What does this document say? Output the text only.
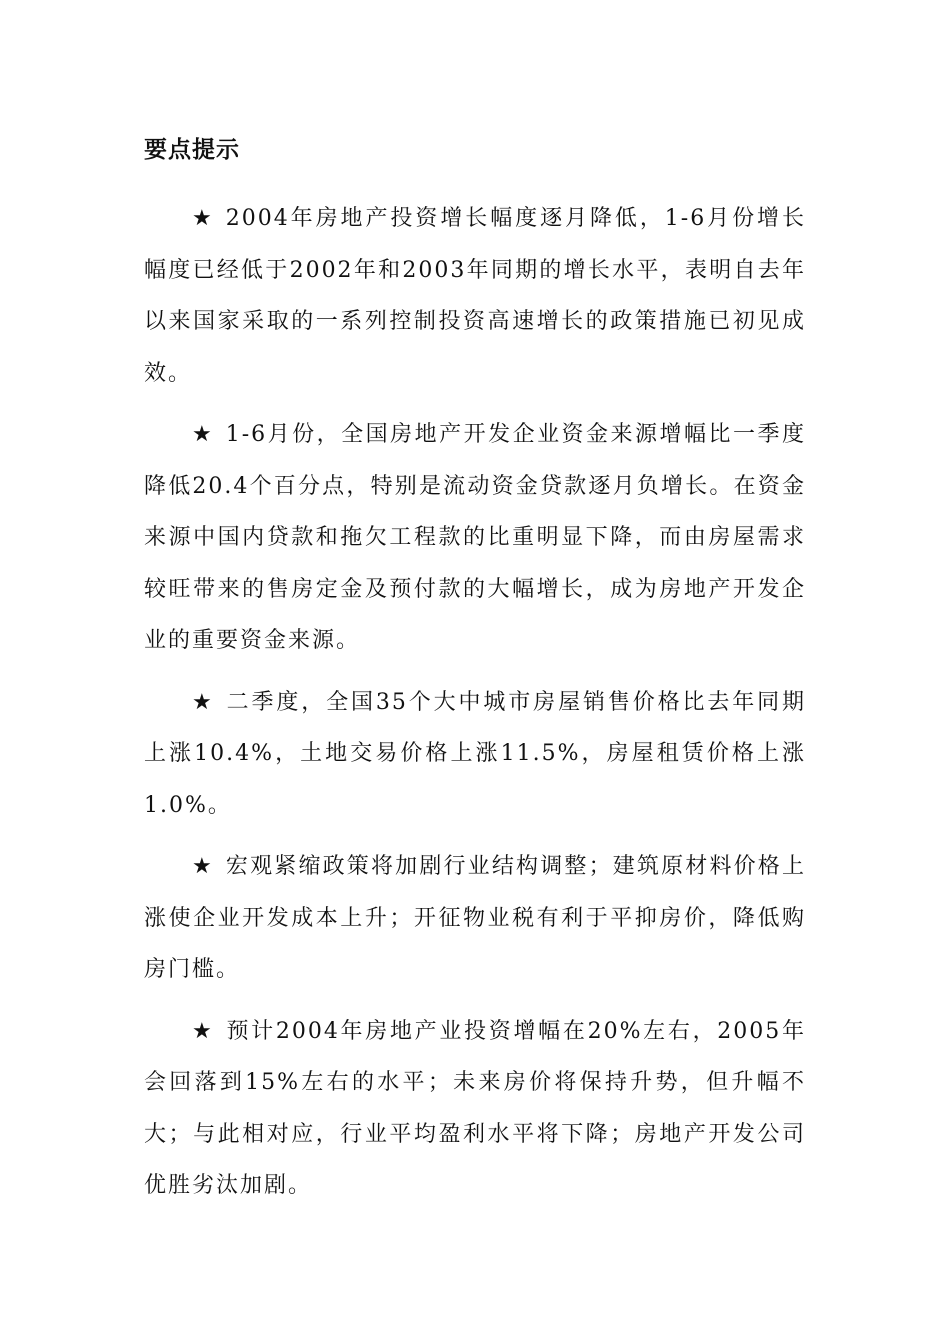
要点提示

★ 2004年房地产投资增长幅度逐月降低，1-6月份增长幅度已经低于2002年和2003年同期的增长水平，表明自去年以来国家采取的一系列控制投资高速增长的政策措施已初见成效。

★ 1-6月份，全国房地产开发企业资金来源增幅比一季度降低20.4个百分点，特别是流动资金贷款逐月负增长。在资金来源中国内贷款和拖欠工程款的比重明显下降，而由房屋需求较旺带来的售房定金及预付款的大幅增长，成为房地产开发企业的重要资金来源。

★ 二季度，全国35个大中城市房屋销售价格比去年同期上涨10.4%，土地交易价格上涨11.5%，房屋租赁价格上涨1.0%。

★ 宏观紧缩政策将加剧行业结构调整；建筑原材料价格上涨使企业开发成本上升；开征物业税有利于平抑房价，降低购房门槛。

★ 预计2004年房地产业投资增幅在20%左右，2005年会回落到15%左右的水平；未来房价将保持升势，但升幅不大；与此相对应，行业平均盈利水平将下降；房地产开发公司优胜劣汰加剧。
